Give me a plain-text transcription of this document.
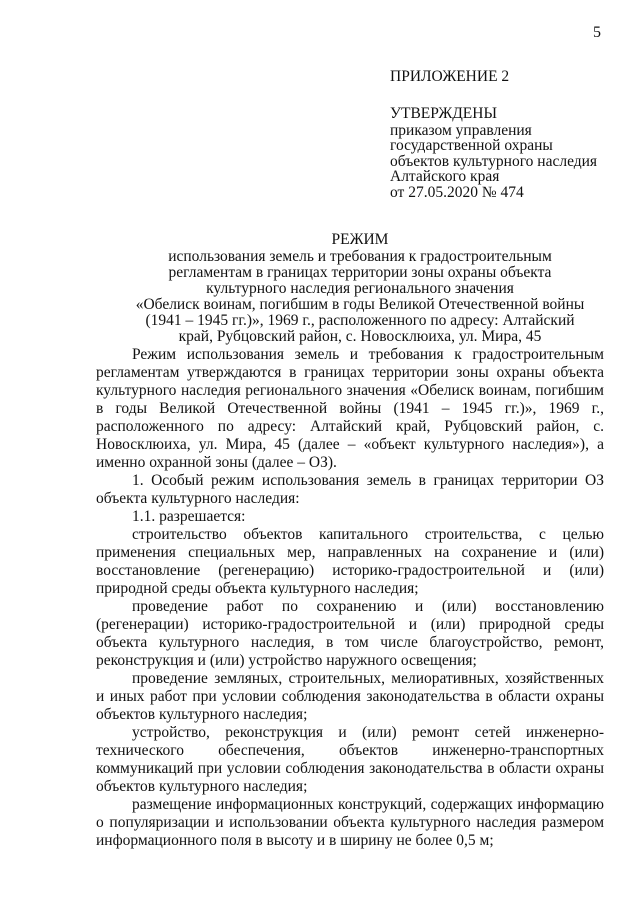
5
ПРИЛОЖЕНИЕ 2
УТВЕРЖДЕНЫ
приказом управления
государственной охраны
объектов культурного наследия
Алтайского края
от 27.05.2020 № 474
РЕЖИМ
использования земель и требования к градостроительным
регламентам в границах территории зоны охраны объекта
культурного наследия регионального значения
«Обелиск воинам, погибшим в годы Великой Отечественной войны
(1941 – 1945 гг.)», 1969 г., расположенного по адресу: Алтайский
край, Рубцовский район, с. Новосклюиха, ул. Мира, 45

Режим использования земель и требования к градостроительным регламентам утверждаются в границах территории зоны охраны объекта культурного наследия регионального значения «Обелиск воинам, погибшим в годы Великой Отечественной войны (1941 – 1945 гг.)», 1969 г., расположенного по адресу: Алтайский край, Рубцовский район, с. Новосклюиха, ул. Мира, 45 (далее – «объект культурного наследия»), а именно охранной зоны (далее – ОЗ).

1. Особый режим использования земель в границах территории ОЗ объекта культурного наследия:

1.1. разрешается:

строительство объектов капитального строительства, с целью применения специальных мер, направленных на сохранение и (или) восстановление (регенерацию) историко-градостроительной и (или) природной среды объекта культурного наследия;

проведение работ по сохранению и (или) восстановлению (регенерации) историко-градостроительной и (или) природной среды объекта культурного наследия, в том числе благоустройство, ремонт, реконструкция и (или) устройство наружного освещения;

проведение земляных, строительных, мелиоративных, хозяйственных и иных работ при условии соблюдения законодательства в области охраны объектов культурного наследия;

устройство, реконструкция и (или) ремонт сетей инженерно-технического обеспечения, объектов инженерно-транспортных коммуникаций при условии соблюдения законодательства в области охраны объектов культурного наследия;

размещение информационных конструкций, содержащих информацию о популяризации и использовании объекта культурного наследия размером информационного поля в высоту и в ширину не более 0,5 м;
